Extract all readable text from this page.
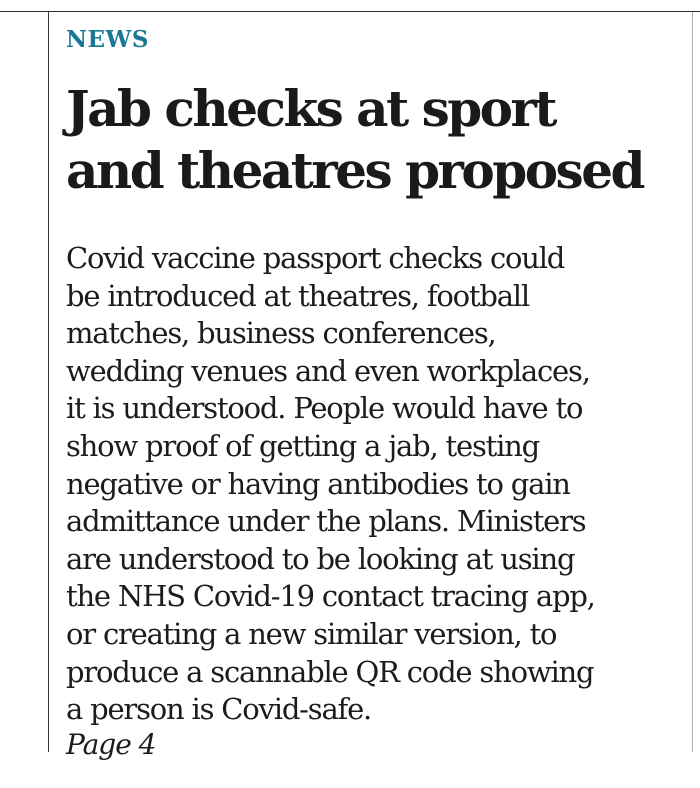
NEWS

Jab checks at sport
and theatres proposed

Covid vaccine passport checks could
be introduced at theatres, football
matches, business conferences,
wedding venues and even workplaces,
it is understood. People would have to
show proof of getting a jab, testing
negative or having antibodies to gain
admittance under the plans. Ministers
are understood to be looking at using
the NHS Covid-19 contact tracing app,
or creating a new similar version, to
produce a scannable QR code showing
a person is Covid-safe.

Page 4
